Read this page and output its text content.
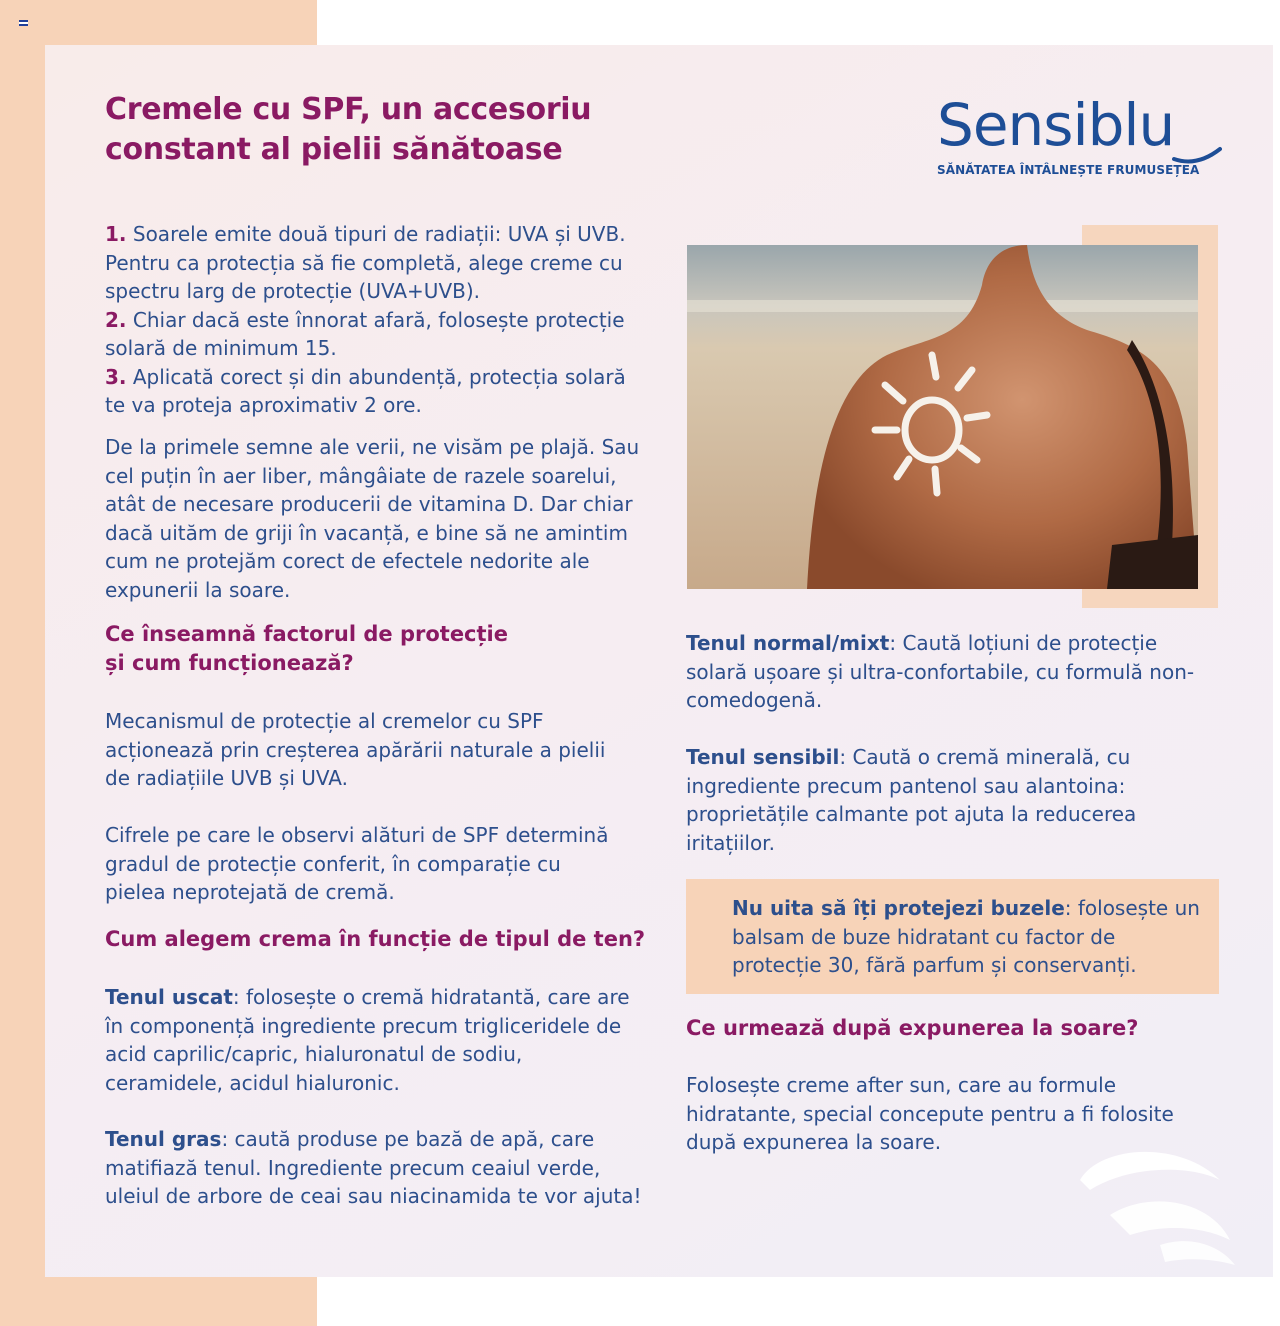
Cremele cu SPF, un accesoriu
constant al pielii sănătoase	Sensiblu
SĂNĂTATEA ÎNTÂLNEȘTE FRUMUSEȚEA

1. Soarele emite două tipuri de radiații: UVA și UVB. Pentru ca protecția să fie completă, alege creme cu spectru larg de protecție (UVA+UVB).
2. Chiar dacă este înnorat afară, folosește protecție solară de minimum 15.
3. Aplicată corect și din abundență, protecția solară te va proteja aproximativ 2 ore.

De la primele semne ale verii, ne visăm pe plajă. Sau cel puțin în aer liber, mângâiate de razele soarelui, atât de necesare producerii de vitamina D. Dar chiar dacă uităm de griji în vacanță, e bine să ne amintim cum ne protejăm corect de efectele nedorite ale expunerii la soare.

Ce înseamnă factorul de protecție și cum funcționează?

Mecanismul de protecție al cremelor cu SPF acționează prin creșterea apărării naturale a pielii de radiațiile UVB și UVA.

Cifrele pe care le observi alături de SPF determină gradul de protecție conferit, în comparație cu pielea neprotejată de cremă.

Cum alegem crema în funcție de tipul de ten?

Tenul uscat: folosește o cremă hidratantă, care are în componență ingrediente precum trigliceridele de acid caprilic/capric, hialuronatul de sodiu, ceramidele, acidul hialuronic.

Tenul gras: caută produse pe bază de apă, care matifiază tenul. Ingrediente precum ceaiul verde, uleiul de arbore de ceai sau niacinamida te vor ajuta!

Tenul normal/mixt: Caută loțiuni de protecție solară ușoare și ultra-confortabile, cu formulă non-comedogenă.

Tenul sensibil: Caută o cremă minerală, cu ingrediente precum pantenol sau alantoina: proprietățile calmante pot ajuta la reducerea iritațiilor.

Nu uita să îți protejezi buzele: folosește un balsam de buze hidratant cu factor de protecție 30, fără parfum și conservanți.

Ce urmează după expunerea la soare?

Folosește creme after sun, care au formule hidratante, special concepute pentru a fi folosite după expunerea la soare.
